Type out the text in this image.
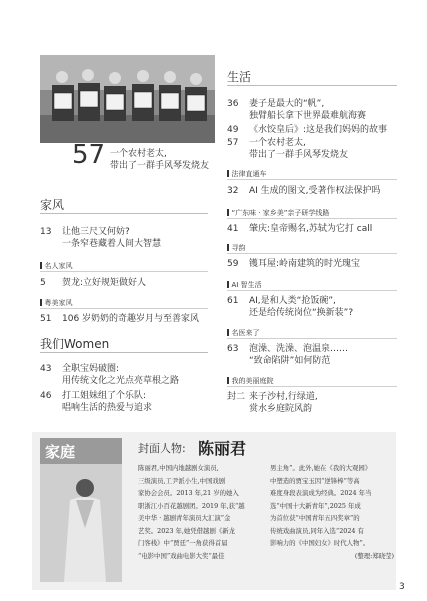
57 一个农村老太,
带出了一群手风琴发烧友
生活
36 妻子是最大的“帆”,
独臂船长拿下世界最难航海赛
49 《水饺皇后》:这是我们妈妈的故事
57 一个农村老太,
带出了一群手风琴发烧友
法律直通车
32 AI 生成的图文,受著作权法保护吗
“广东味 · 家乡美”亲子研学线路
41 肇庆:皇帝赐名,苏轼为它打 call
寻韵
59 镬耳屋:岭南建筑的时光瑰宝
AI 智生活
61 AI,是和人类“抢饭碗”,
还是给传统岗位“换新装”?
名医来了
63 泡澡、洗澡、泡温泉……
“致命陷阱”如何防范
我的美丽庭院
封二 来子沙村,行绿道,
赏水乡庭院风韵
家风
13 让他三尺又何妨?
一条窄巷藏着人间大智慧
名人家风
5 贺龙:立好规矩做好人
粤美家风
51 106 岁奶奶的奇趣岁月与至善家风
我们Women
43 全职宝妈破圈:
用传统文化之光点亮草根之路
46 打工姐妹组了个乐队:
唱响生活的热爱与追求
家庭	封面人物: 陈丽君
陈丽君,中国内地越剧女演员,
三级演员,工尹派小生,中国戏剧
家协会会员。2013 年,21 岁的她入
职浙江小百花越剧团。2019 年,获“越
美中华 · 越剧青年演员大汇演”金
艺奖。2023 年,她凭借越剧《新龙
门客栈》中“贾廷”一角获得首届
“电影中国”戏曲电影大奖“最佳
男主角”。此外,她在《我的大观园》
中塑造的贾宝玉因“逆锋棒”等高
难度身段表演成为经典。2024 年当
选“中国十大新青年”,2025 年成
为首位获“中国青年五四奖章”的
传统戏曲演员,同年入选“2024 有
影响力的《中国妇女》时代人物”。
(整理:郑晓莹)
3
